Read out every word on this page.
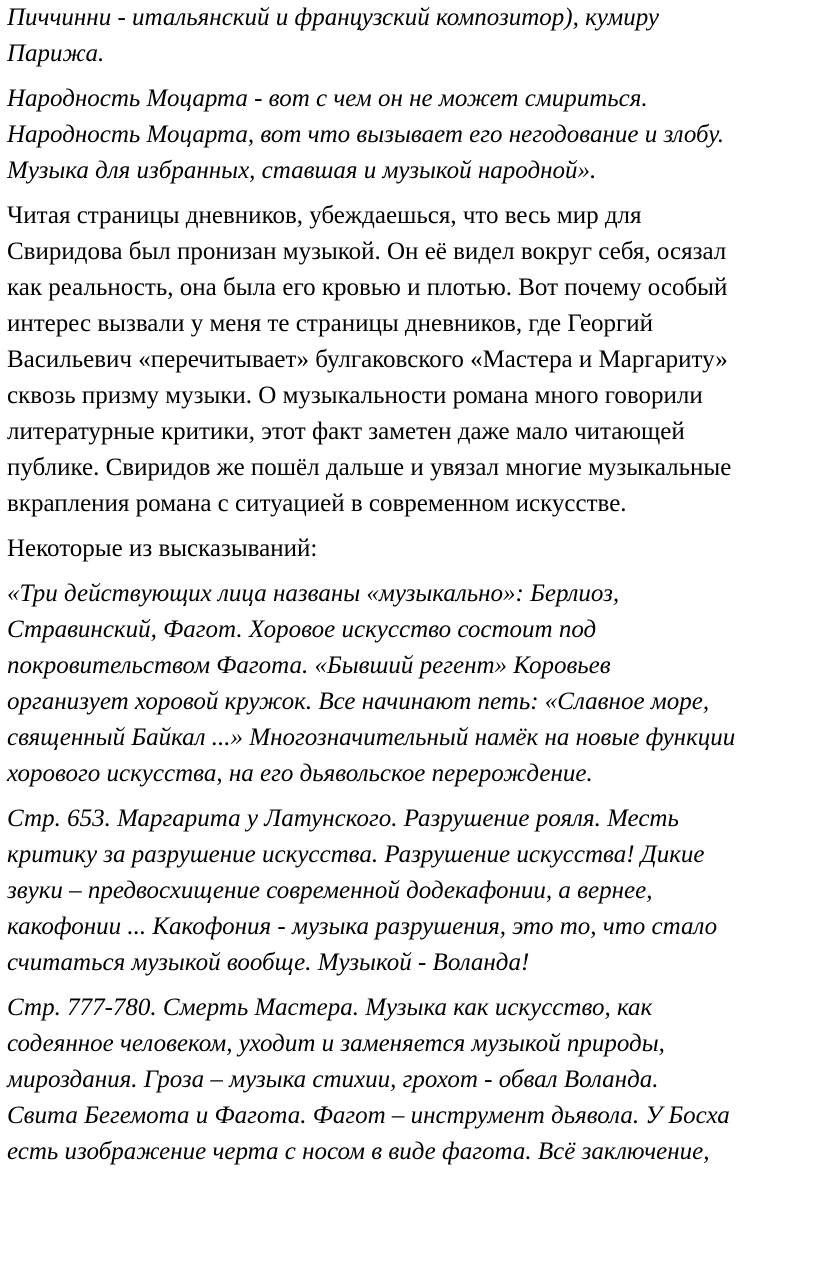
Пиччинни - итальянский и французский композитор), кумиру
Парижа.
Народность Моцарта - вот с чем он не может смириться.
Народность Моцарта, вот что вызывает его негодование и злобу.
Музыка для избранных, ставшая и музыкой народной».
Читая страницы дневников, убеждаешься, что весь мир для
Свиридова был пронизан музыкой. Он её видел вокруг себя, осязал
как реальность, она была его кровью и плотью. Вот почему особый
интерес вызвали у меня те страницы дневников, где Георгий
Васильевич «перечитывает» булгаковского «Мастера и Маргариту»
сквозь призму музыки. О музыкальности романа много говорили
литературные критики, этот факт заметен даже мало читающей
публике. Свиридов же пошёл дальше и увязал многие музыкальные
вкрапления романа с ситуацией в современном искусстве.
Некоторые из высказываний:
«Три действующих лица названы «музыкально»: Берлиоз,
Стравинский, Фагот. Хоровое искусство состоит под
покровительством Фагота. «Бывший регент» Коровьев
организует хоровой кружок. Все начинают петь: «Славное море,
священный Байкал ...» Многозначительный намёк на новые функции
хорового искусства, на его дьявольское перерождение.
Стр. 653. Маргарита у Латунского. Разрушение рояля. Месть
критику за разрушение искусства. Разрушение искусства! Дикие
звуки – предвосхищение современной додекафонии, а вернее,
какофонии ... Какофония - музыка разрушения, это то, что стало
считаться музыкой вообще. Музыкой - Воланда!
Стр. 777-780. Смерть Мастера. Музыка как искусство, как
содеянное человеком, уходит и заменяется музыкой природы,
мироздания. Гроза – музыка стихии, грохот - обвал Воланда.
Свита Бегемота и Фагота. Фагот – инструмент дьявола. У Босха
есть изображение черта с носом в виде фагота. Всё заключение,
